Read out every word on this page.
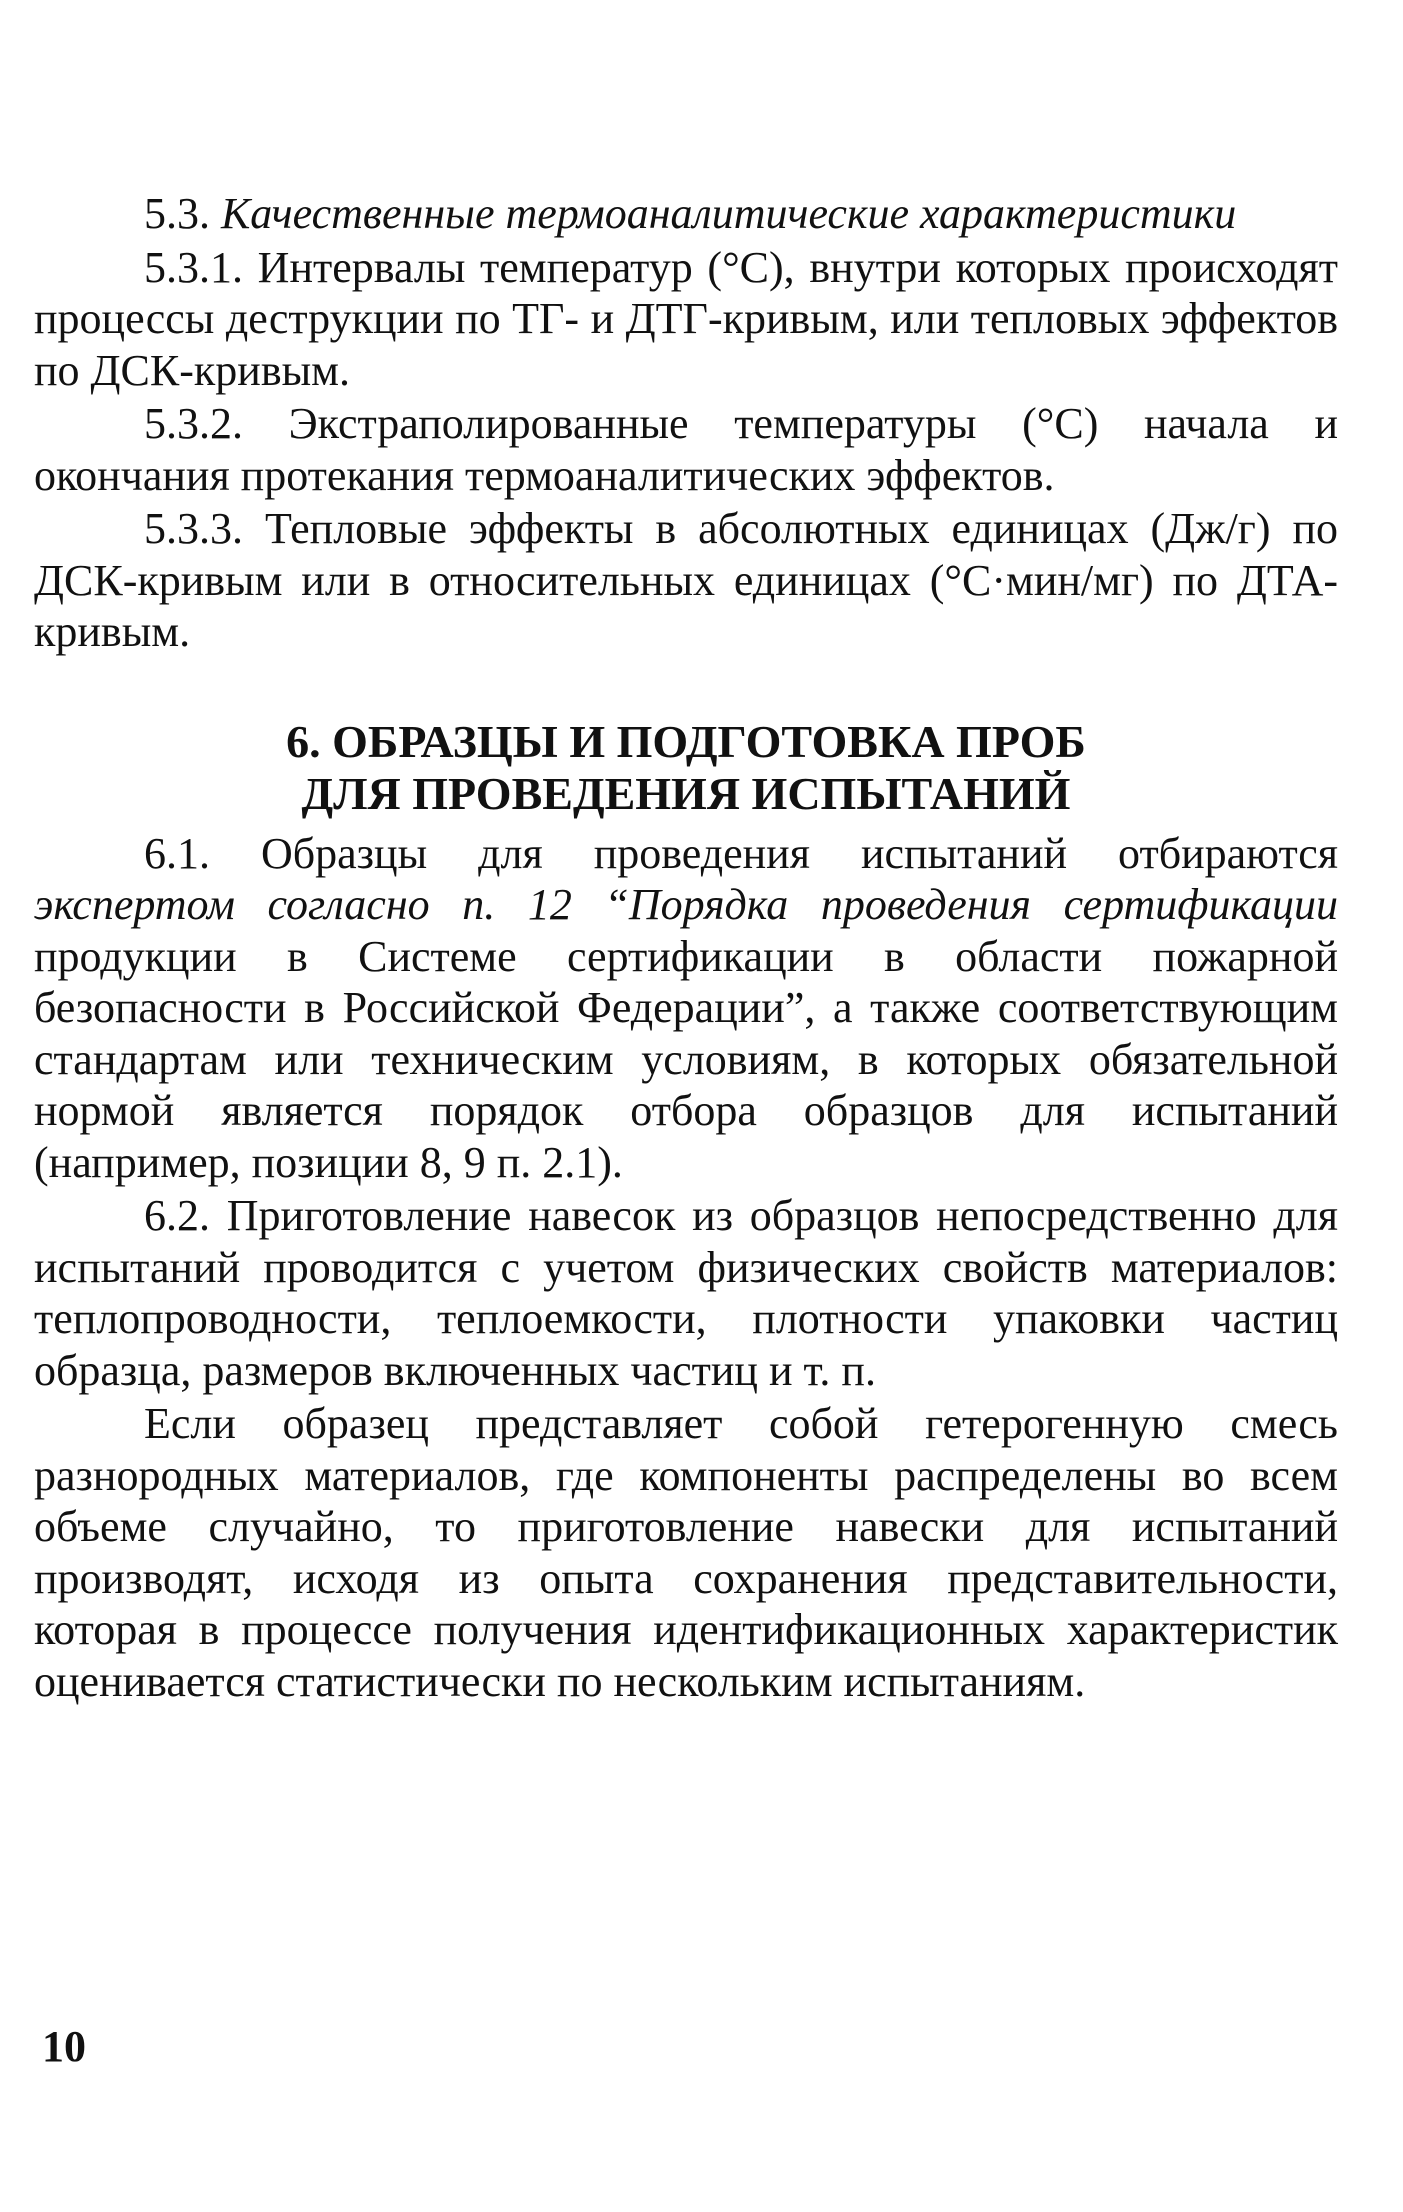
5.3. Качественные термоаналитические характеристики

5.3.1. Интервалы температур (°С), внутри которых происходят процессы деструкции по ТГ- и ДТГ-кривым, или тепловых эффектов по ДСК-кривым.

5.3.2. Экстраполированные температуры (°С) начала и окончания протекания термоаналитических эффектов.

5.3.3. Тепловые эффекты в абсолютных единицах (Дж/г) по ДСК-кривым или в относительных единицах (°С·мин/мг) по ДТА-кривым.

6. ОБРАЗЦЫ И ПОДГОТОВКА ПРОБ
ДЛЯ ПРОВЕДЕНИЯ ИСПЫТАНИЙ

6.1. Образцы для проведения испытаний отбираются экспертом согласно п. 12 “Порядка проведения сертификации продукции в Системе сертификации в области пожарной безопасности в Российской Федерации”, а также соответствующим стандартам или техническим условиям, в которых обязательной нормой является порядок отбора образцов для испытаний (например, позиции 8, 9 п. 2.1).

6.2. Приготовление навесок из образцов непосредственно для испытаний проводится с учетом физических свойств материалов: теплопроводности, теплоемкости, плотности упаковки частиц образца, размеров включенных частиц и т. п.

Если образец представляет собой гетерогенную смесь разнородных материалов, где компоненты распределены во всем объеме случайно, то приготовление навески для испытаний производят, исходя из опыта сохранения представительности, которая в процессе получения идентификационных характеристик оценивается статистически по нескольким испытаниям.

10
